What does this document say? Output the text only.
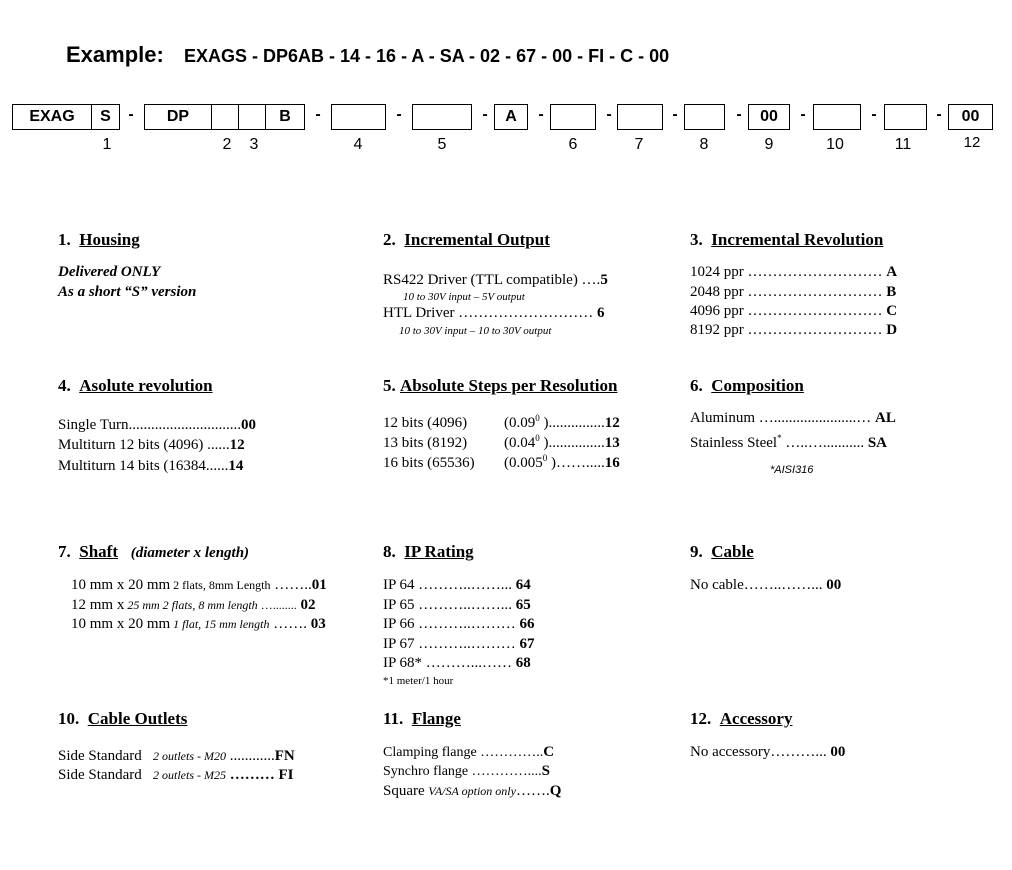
Example: EXAGS - DP6AB - 14 - 16 - A - SA - 02 - 67 - 00 - FI - C - 00
EXAG	S	-	DP	B	-	-	-	A	-	-	-	-	00	-	-	-	00
1	2	3	4	5	6	7	8	9	10	11	12
1. Housing
Delivered ONLY
As a short “S” version
2. Incremental Output
RS422 Driver (TTL compatible) ….5
10 to 30V input – 5V output
HTL Driver ……………………… 6
10 to 30V input – 10 to 30V output
3. Incremental Revolution
1024 ppr ……………………… A
2048 ppr ……………………… B
4096 ppr ……………………… C
8192 ppr ……………………… D
4. Asolute revolution
Single Turn..............................00
Multiturn 12 bits (4096) ......12
Multiturn 14 bits (16384......14
5. Absolute Steps per Resolution
12 bits (4096) (0.09$^0$ )...............12
13 bits (8192) (0.04$^0$ )...............13
16 bits (65536) (0.005$^0$ )…….....16
6. Composition
Aluminum …......................… AL
Stainless Steel* …..…........... SA
*AISI316
7. Shaft (diameter x length)
10 mm x 20 mm 2 flats, 8mm Length ……..01
12 mm x 25 mm 2 flats, 8 mm length …........ 02
10 mm x 20 mm 1 flat, 15 mm length ……. 03
8. IP Rating
IP 64 ………..……... 64
IP 65 ………..……... 65
IP 66 ………..……… 66
IP 67 ………..……… 67
IP 68* ………...…… 68
*1 meter/1 hour
9. Cable
No cable……..……... 00
10. Cable Outlets
Side Standard 2 outlets - M20 ............FN
Side Standard 2 outlets - M25 ……… FI
11. Flange
Clamping flange …………..C
Synchro flange …………....S
Square VA/SA option only…….Q
12. Accessory
No accessory………... 00
